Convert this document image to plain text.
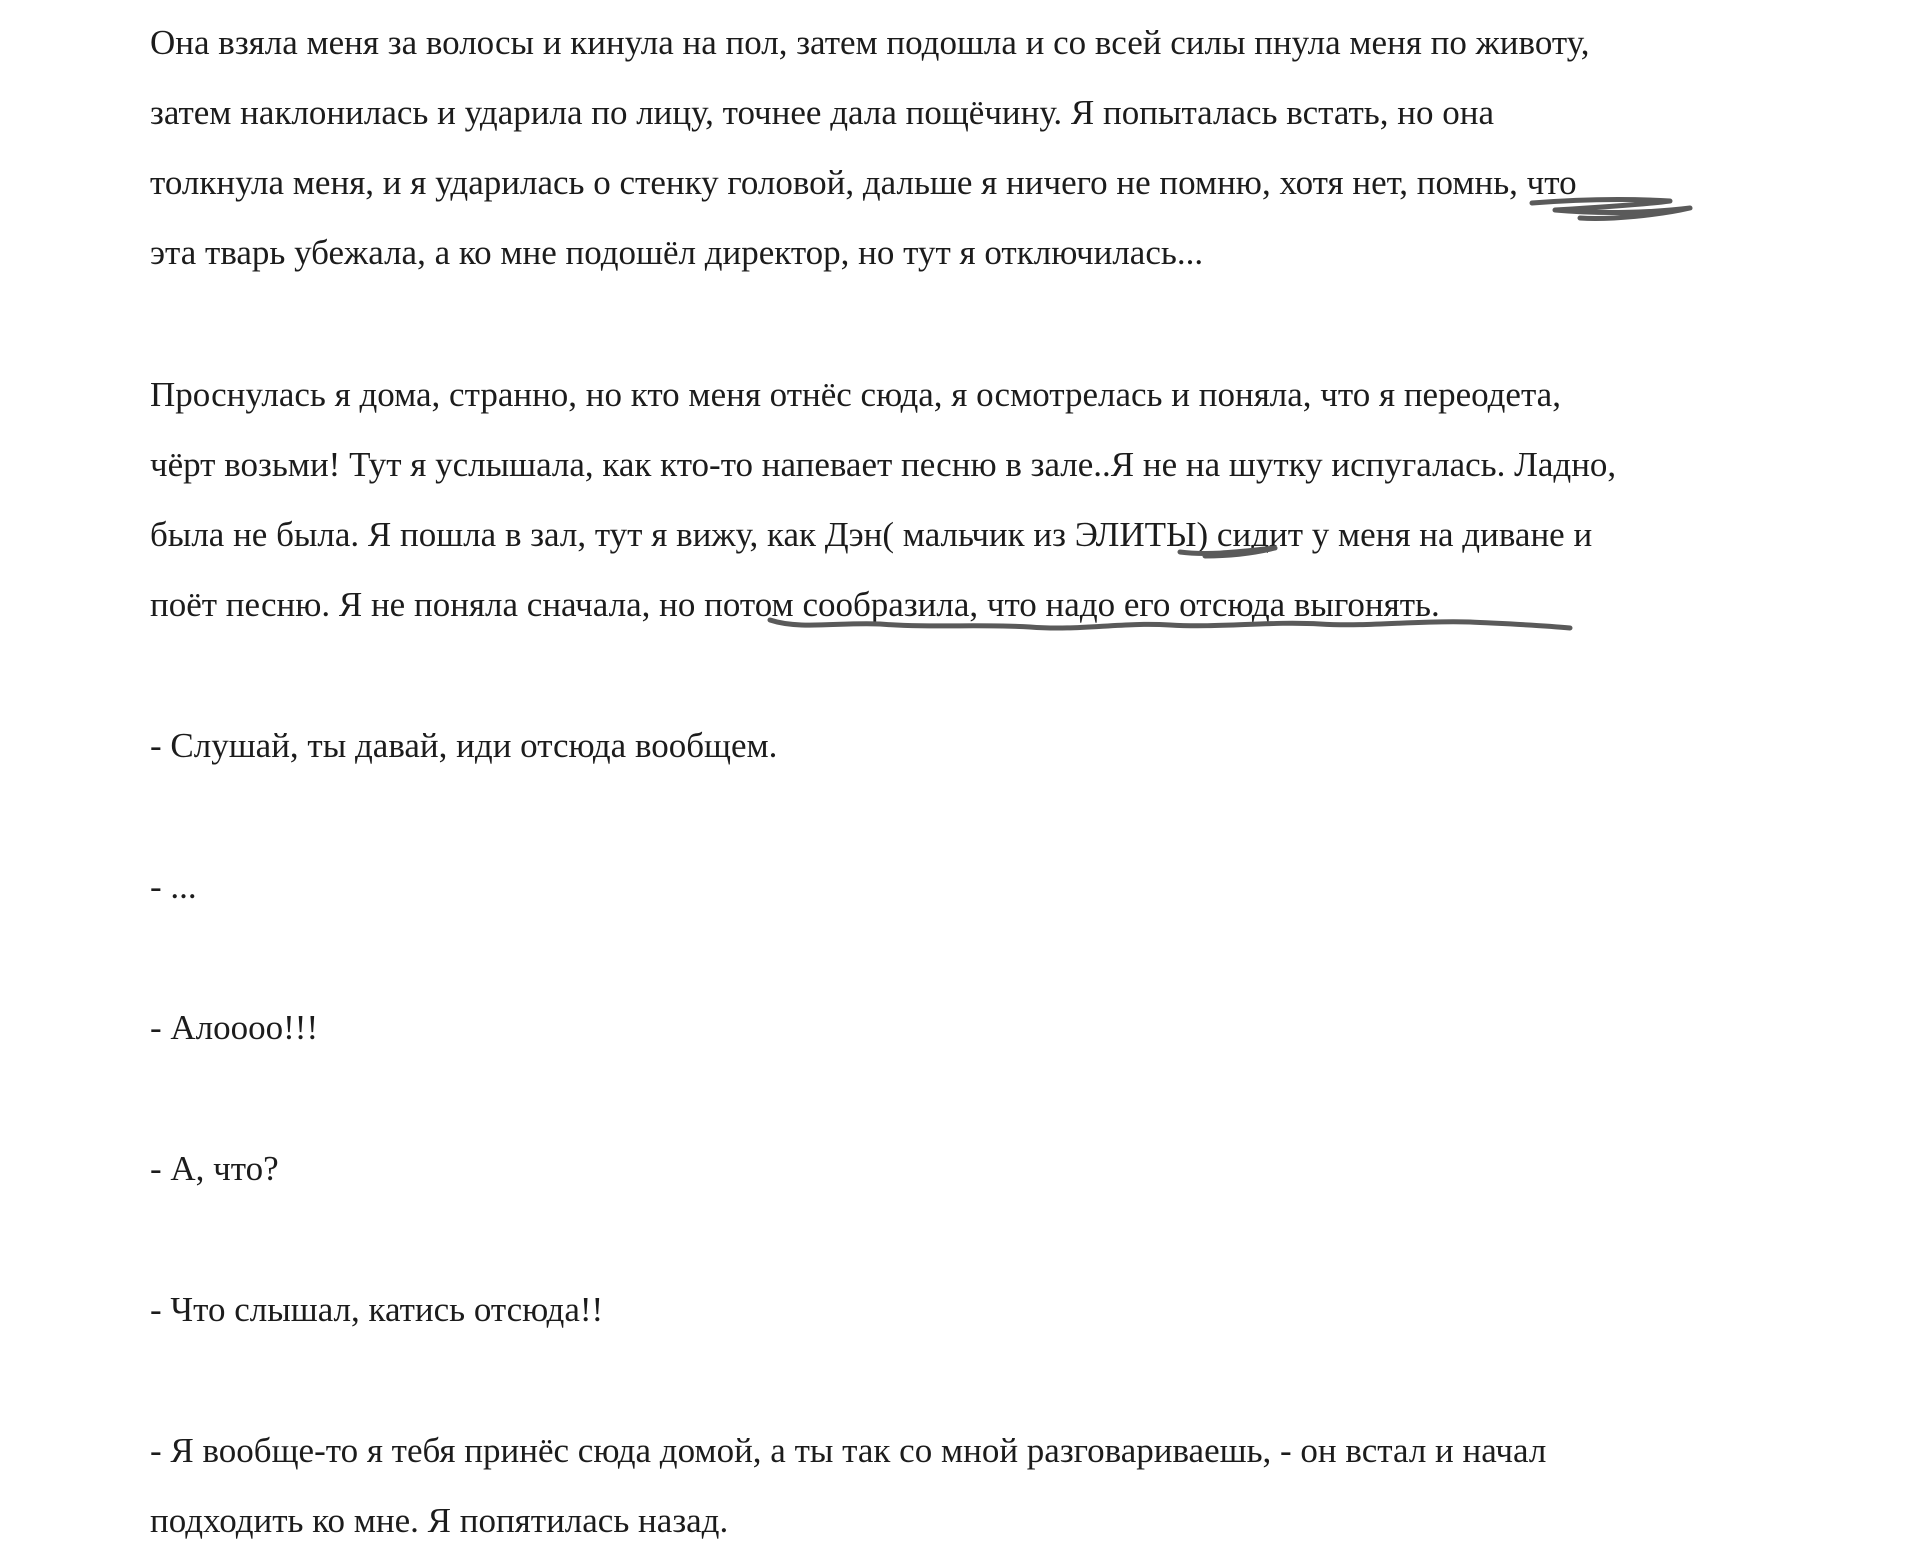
Она взяла меня за волосы и кинула на пол, затем подошла и со всей силы пнула меня по животу,
затем наклонилась и ударила по лицу, точнее дала пощёчину. Я попыталась встать, но она
толкнула меня, и я ударилась о стенку головой, дальше я ничего не помню, хотя нет, помнь, что
эта тварь убежала, а ко мне подошёл директор, но тут я отключилась...
Проснулась я дома, странно, но кто меня отнёс сюда, я осмотрелась и поняла, что я переодета,
чёрт возьми! Тут я услышала, как кто-то напевает песню в зале..Я не на шутку испугалась. Ладно,
была не была. Я пошла в зал, тут я вижу, как Дэн( мальчик из ЭЛИТЫ) сидит у меня на диване и
поёт песню. Я не поняла сначала, но потом сообразила, что надо его отсюда выгонять.
- Слушай, ты давай, иди отсюда вообщем.
- ...
- Алоооо!!!
- А, что?
- Что слышал, катись отсюда!!
- Я вообще-то я тебя принёс сюда домой, а ты так со мной разговариваешь, - он встал и начал
подходить ко мне. Я попятилась назад.
